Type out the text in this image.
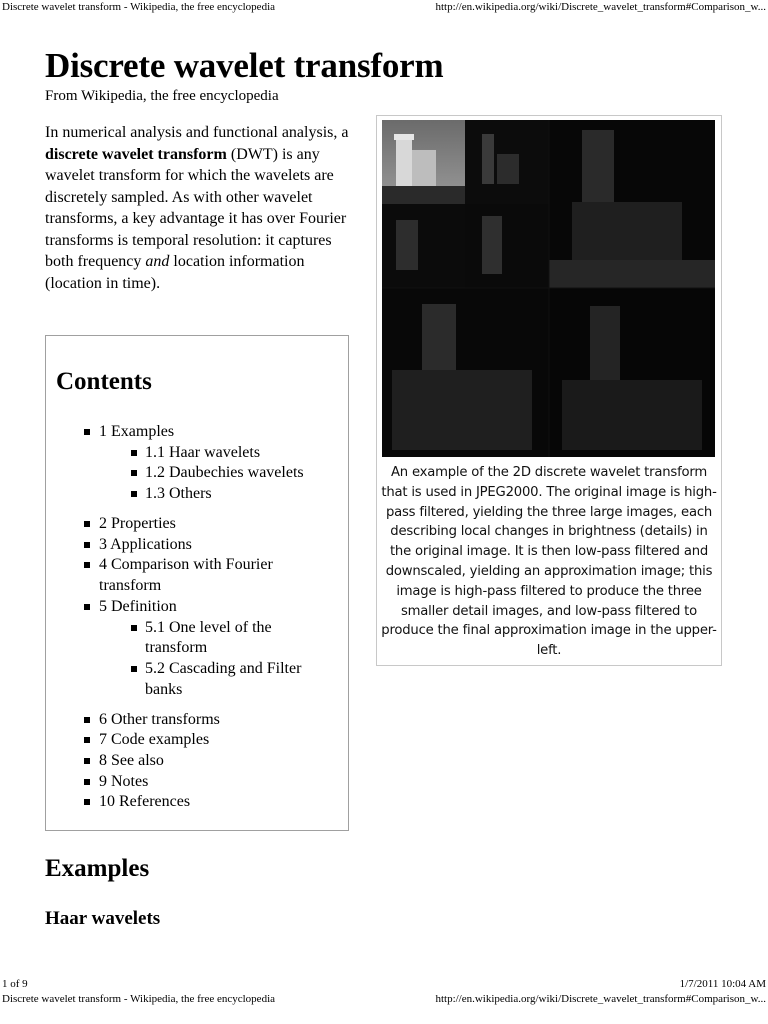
Discrete wavelet transform - Wikipedia, the free encyclopedia	http://en.wikipedia.org/wiki/Discrete_wavelet_transform#Comparison_w...
Discrete wavelet transform
From Wikipedia, the free encyclopedia
In numerical analysis and functional analysis, a discrete wavelet transform (DWT) is any wavelet transform for which the wavelets are discretely sampled. As with other wavelet transforms, a key advantage it has over Fourier transforms is temporal resolution: it captures both frequency and location information (location in time).
Contents
1 Examples
1.1 Haar wavelets
1.2 Daubechies wavelets
1.3 Others
2 Properties
3 Applications
4 Comparison with Fourier transform
5 Definition
5.1 One level of the transform
5.2 Cascading and Filter banks
6 Other transforms
7 Code examples
8 See also
9 Notes
10 References
An example of the 2D discrete wavelet transform that is used in JPEG2000. The original image is high-pass filtered, yielding the three large images, each describing local changes in brightness (details) in the original image. It is then low-pass filtered and downscaled, yielding an approximation image; this image is high-pass filtered to produce the three smaller detail images, and low-pass filtered to produce the final approximation image in the upper-left.
Examples
Haar wavelets
1 of 9	1/7/2011 10:04 AM
Discrete wavelet transform - Wikipedia, the free encyclopedia	http://en.wikipedia.org/wiki/Discrete_wavelet_transform#Comparison_w...
